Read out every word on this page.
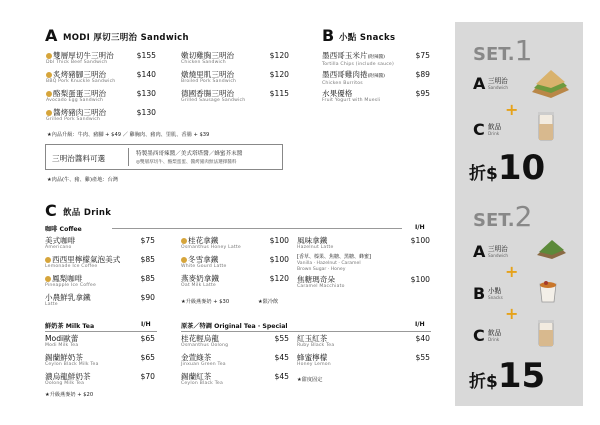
A MODI 厚切三明治 Sandwich
雙層厚切牛三明治
Dbl Thick Beef Sandwich
$155
炙烤豬腳三明治
BBQ Pork Knuckle Sandwich
$140
酪梨蛋蛋三明治
Avocado Egg Sandwich
$130
醬烤豬肉三明治
Grilled Pork Sandwich
$130
嫩切雞胸三明治
Chicken Sandwich
$120
燉燒里肌三明治
Broiled Pork Sandwich
$120
德國香腸三明治
Grilled Sausage Sandwich
$115
★內品升級：牛肉、豬腳 + $49 ／ 雞胸肉、豬肉、里肌、香腸 + $39
三明治醬料可選	特製墨西哥辣醬／美式塔塔醬／蜂蜜芥末醬
◎雙層厚切牛、酪梨蛋蛋、醬烤豬肉無法選擇醬料
★肉品(牛、豬、雞)產地：台灣
B 小點 Snacks
墨西哥玉米片(附辣醬)
Tortilla Chips (include sauce)
$75
墨西哥雞肉捲(附辣醬)
Chicken Burritos
$89
水果優格
Fruit Yogurt with Muesli
$95
C 飲品 Drink
咖啡 Coffee	I/H
美式咖啡
Americano
$75
西西里檸檬氣泡美式
Lemonade Ice Coffee
$85
鳳梨咖啡
Pineapple Ice Coffee
$85
小農鮮乳拿鐵
Latte
$90
桂花拿鐵
Osmanthus Honey Latte
$100
冬雪拿鐵
White Gourd Latte
$100
燕麥奶拿鐵
Oat Milk Latte
$120
風味拿鐵
Hazelnut Latte
$100
焦糖瑪奇朵
Caramel Macchiato
$100
[香草、榛果、焦糖、黑糖、蜂蜜]
Vanilla · Hazelnut · Caramel
Brown Sugar · Honey
★升級燕麥奶 + $30	★限冷飲
鮮奶茶 Milk Tea	I/H
Modi歐蕾
Modi Milk Tea
$65
錫蘭鮮奶茶
Ceylon Black Milk Tea
$65
濃烏龍鮮奶茶
Oolong Milk Tea
$70
★升級燕麥奶 + $20
原茶／特調 Original Tea · Special	I/H
桂花輕烏龍
Osmanthus Oolong
$55
金萱綠茶
Jinxuan Green Tea
$45
錫蘭紅茶
Ceylon Black Tea
$45
紅玉紅茶
Ruby Black Tea
$40
蜂蜜檸檬
Honey Lemon
$55
★甜度固定
SET.1
A 三明治
Sandwich
+
C 飲品
Drink
折$10
SET.2
A 三明治
Sandwich
+
B 小點
Snacks
+
C 飲品
Drink
折$15
